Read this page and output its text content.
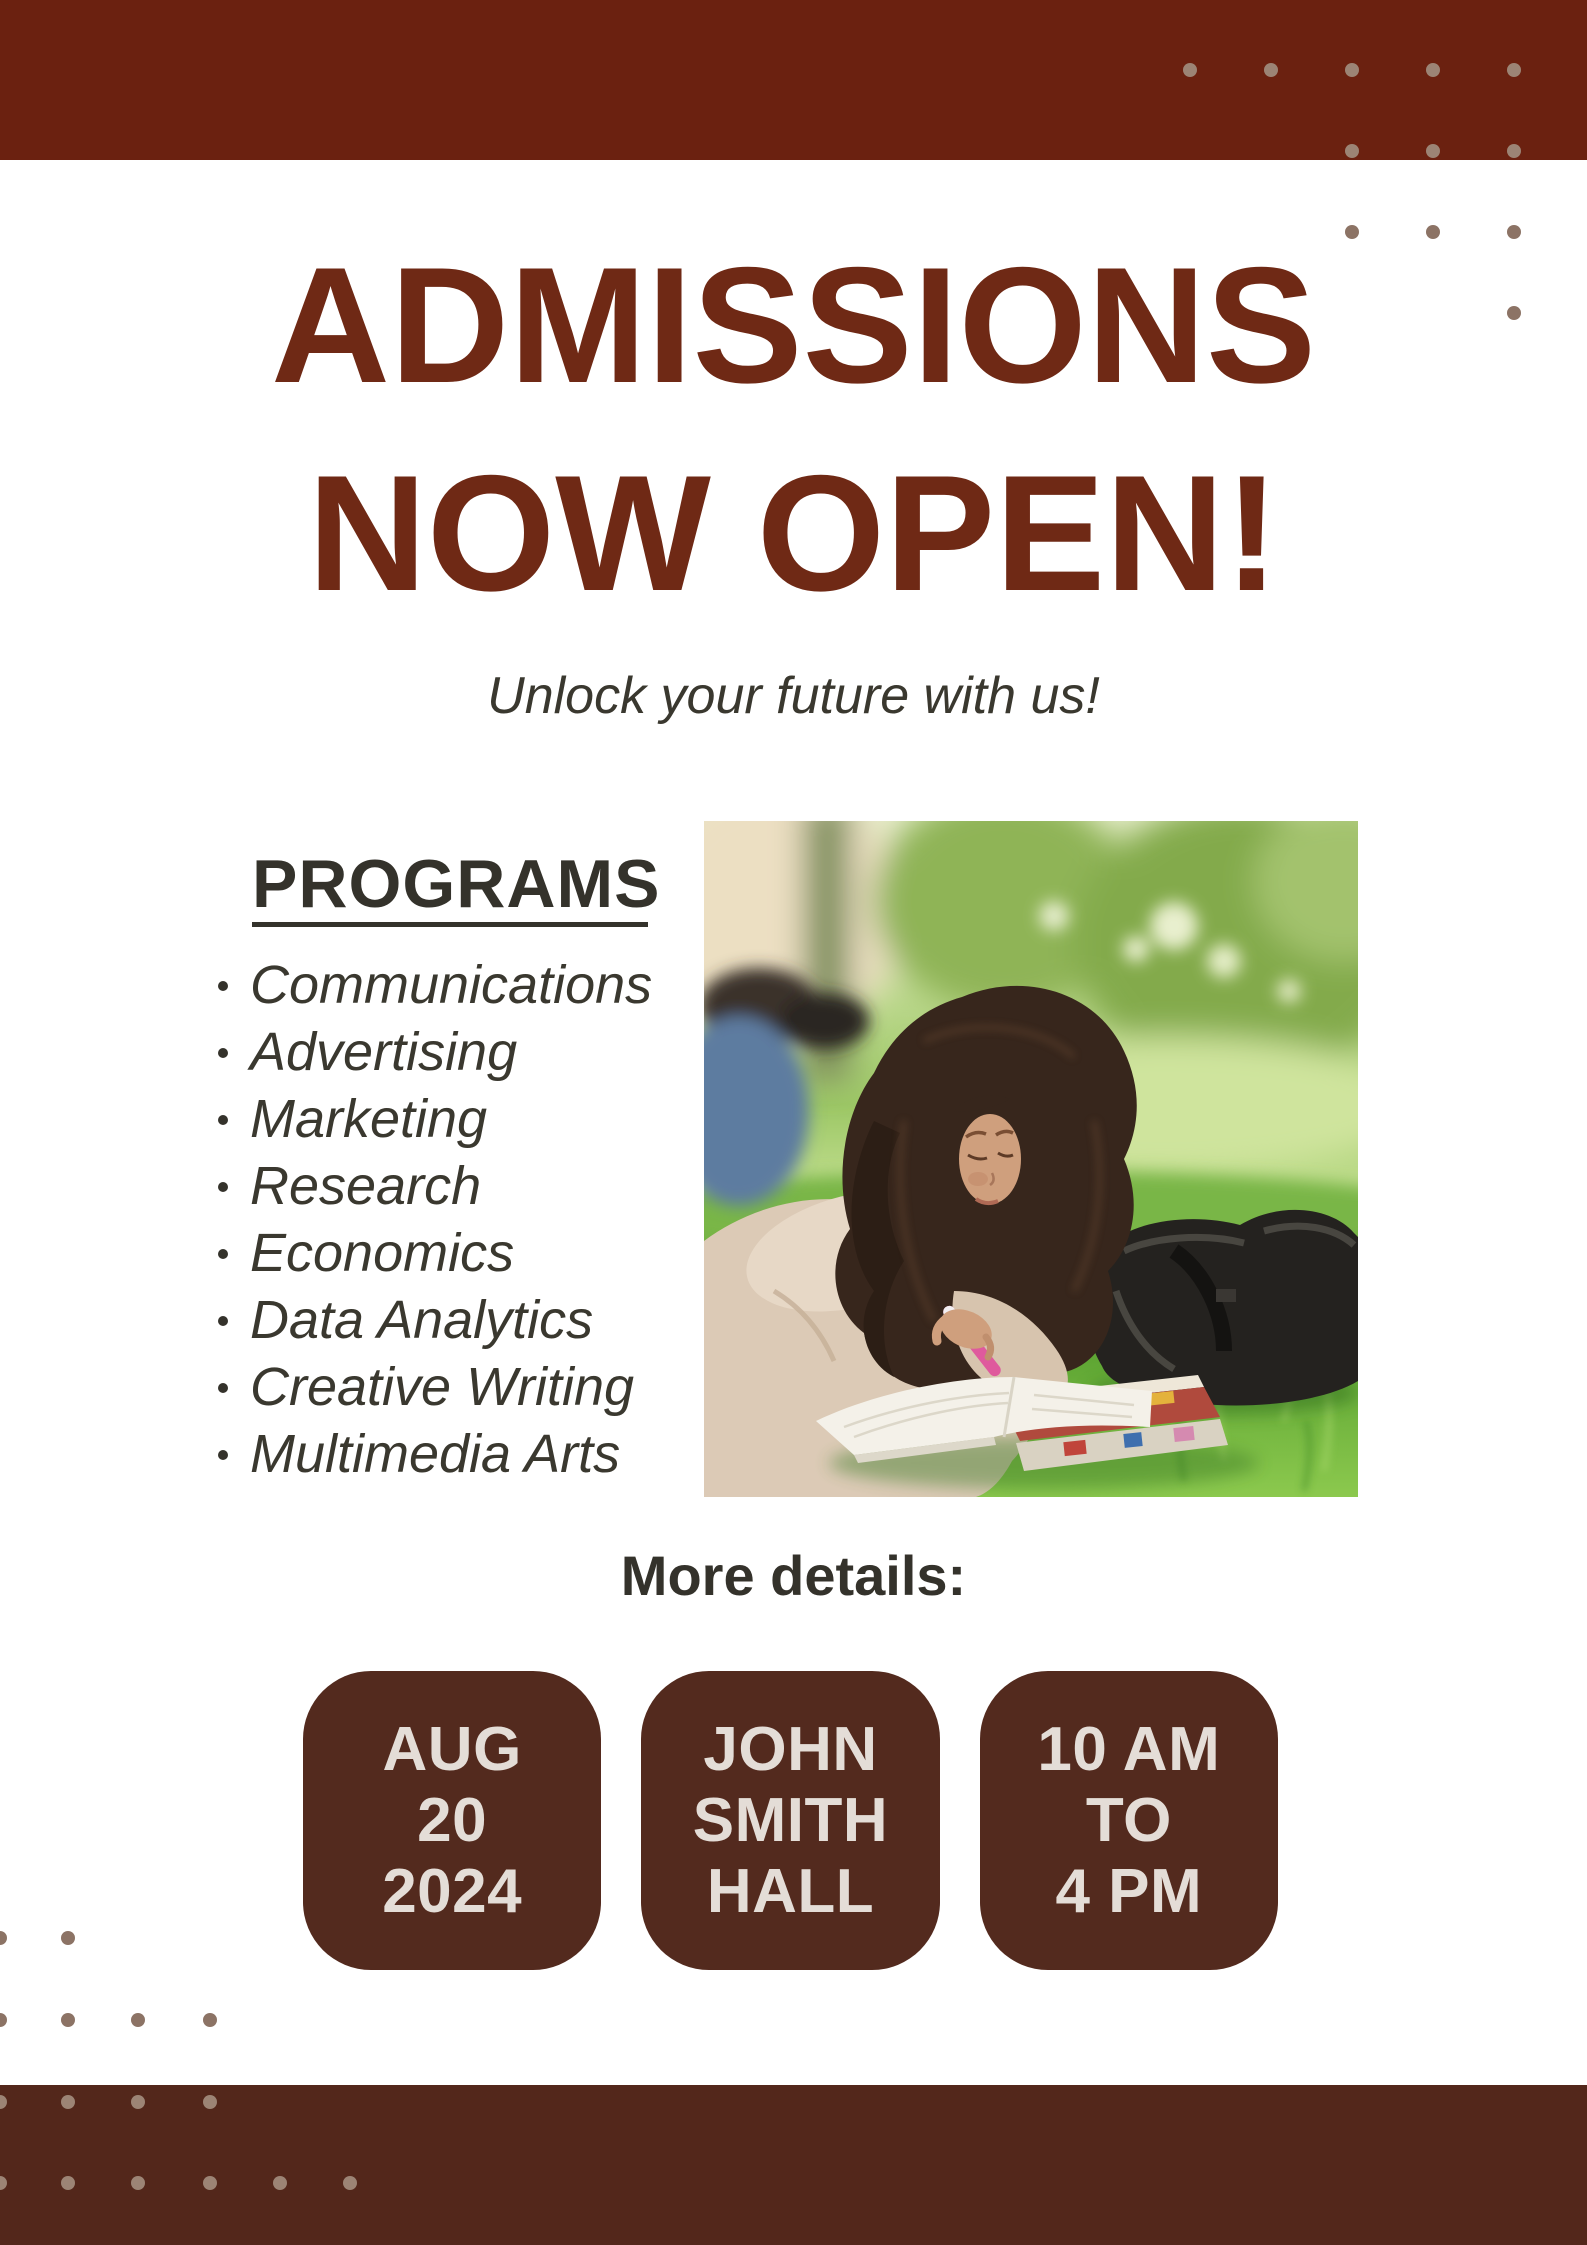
ADMISSIONS
NOW OPEN!
Unlock your future with us!
PROGRAMS
Communications
Advertising
Marketing
Research
Economics
Data Analytics
Creative Writing
Multimedia Arts
More details:
AUG
20
2024
JOHN
SMITH
HALL
10 AM
TO
4 PM
